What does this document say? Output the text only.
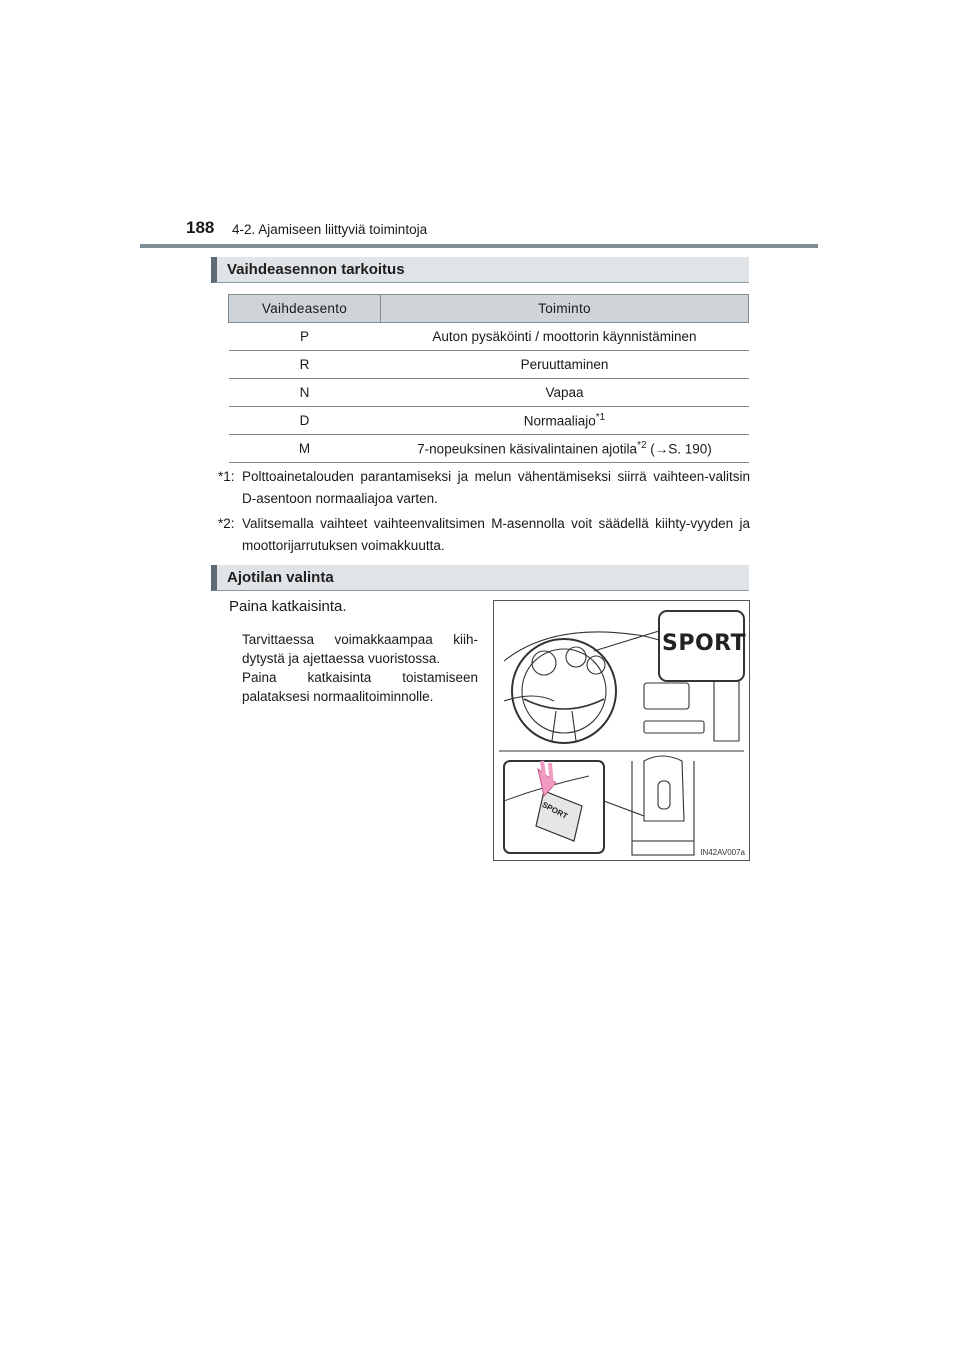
188 4-2. Ajamiseen liittyviä toimintoja
Vaihdeasennon tarkoitus
Vaihdeasento	Toiminto
P	Auton pysäköinti / moottorin käynnistäminen
R	Peruuttaminen
N	Vapaa
D	Normaaliajo$^{*1}$
M	7-nopeuksinen käsivalintainen ajotila$^{*2}$ (→S. 190)
*1: Polttoainetalouden parantamiseksi ja melun vähentämiseksi siirrä vaihteen-valitsin D-asentoon normaaliajoa varten.
*2: Valitsemalla vaihteet vaihteenvalitsimen M-asennolla voit säädellä kiihty-vyyden ja moottorijarrutuksen voimakkuutta.
Ajotilan valinta
Paina katkaisinta.
Tarvittaessa voimakkaampaa kiih-dytystä ja ajettaessa vuoristossa.
Paina katkaisinta toistamiseen palataksesi normaalitoiminnolle.
SPORT
SPORT
IN42AV007a
